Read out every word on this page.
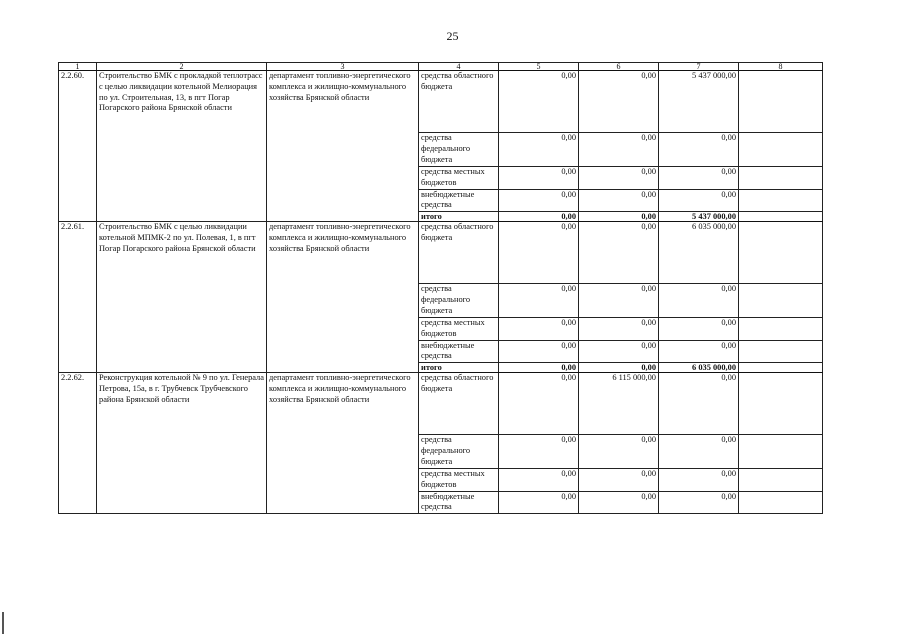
25
1	2	3	4	5	6	7	8
2.2.60.	Строительство БМК с прокладкой теплотрасс с целью ликвидации котельной Мелиорация по ул. Строительная, 13, в пгт Погар Погарского района Брянской области	департамент топливно-энергетического комплекса и жилищно-коммунального хозяйства Брянской области	средства областного бюджета	0,00	0,00	5 437 000,00	
			средства федерального бюджета	0,00	0,00	0,00	
			средства местных бюджетов	0,00	0,00	0,00	
			внебюджетные средства	0,00	0,00	0,00	
			итого	0,00	0,00	5 437 000,00	
2.2.61.	Строительство БМК с целью ликвидации котельной МПМК-2 по ул. Полевая, 1, в пгт Погар Погарского района Брянской области	департамент топливно-энергетического комплекса и жилищно-коммунального хозяйства Брянской области	средства областного бюджета	0,00	0,00	6 035 000,00	
			средства федерального бюджета	0,00	0,00	0,00	
			средства местных бюджетов	0,00	0,00	0,00	
			внебюджетные средства	0,00	0,00	0,00	
			итого	0,00	0,00	6 035 000,00	
2.2.62.	Реконструкция котельной № 9 по ул. Генерала Петрова, 15а, в г. Трубчевск Трубчевского района Брянской области	департамент топливно-энергетического комплекса и жилищно-коммунального хозяйства Брянской области	средства областного бюджета	0,00	6 115 000,00	0,00	
			средства федерального бюджета	0,00	0,00	0,00	
			средства местных бюджетов	0,00	0,00	0,00	
			внебюджетные средства	0,00	0,00	0,00	
